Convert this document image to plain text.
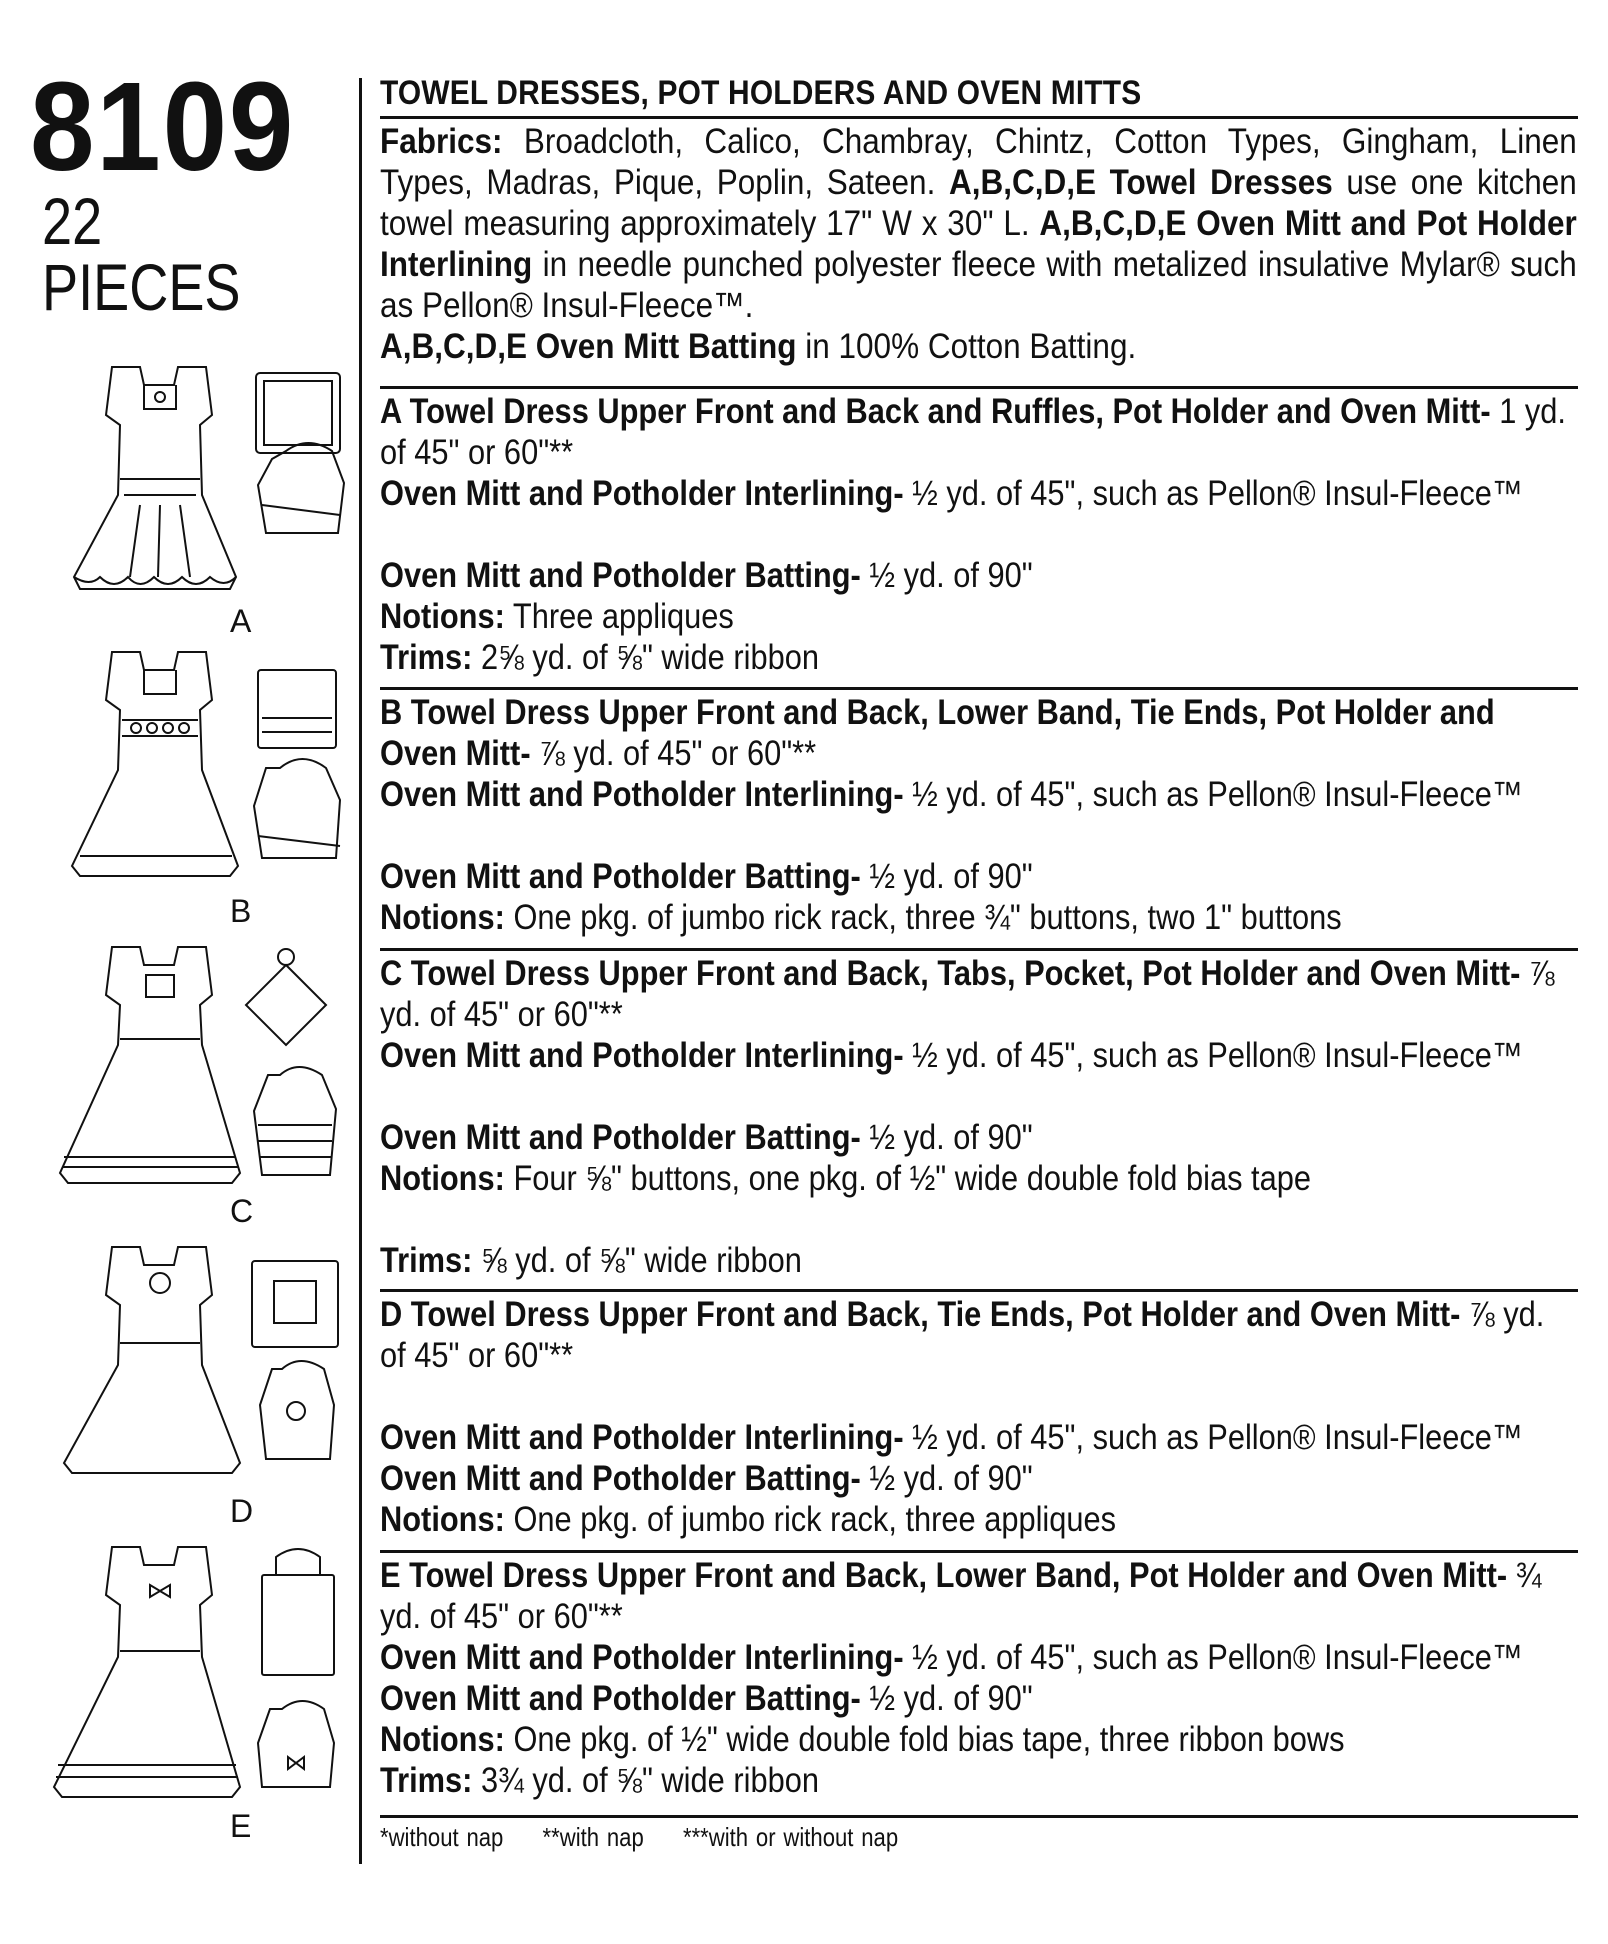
8109
22 PIECES
A
B
C
D
E
TOWEL DRESSES, POT HOLDERS AND OVEN MITTS
Fabrics: Broadcloth, Calico, Chambray, Chintz, Cotton Types, Gingham, Linen Types, Madras, Pique, Poplin, Sateen. A,B,C,D,E Towel Dresses use one kitchen towel measuring approximately 17" W x 30" L. A,B,C,D,E Oven Mitt and Pot Holder Interlining in needle punched polyester fleece with metalized insulative Mylar® such as Pellon® Insul-Fleece™.
A,B,C,D,E Oven Mitt Batting in 100% Cotton Batting.

A Towel Dress Upper Front and Back and Ruffles, Pot Holder and Oven Mitt- 1 yd. of 45" or 60"**

Oven Mitt and Potholder Interlining- ½ yd. of 45", such as Pellon® Insul-Fleece™

Oven Mitt and Potholder Batting- ½ yd. of 90"

Notions: Three appliques

Trims: 2⅝ yd. of ⅝" wide ribbon

B Towel Dress Upper Front and Back, Lower Band, Tie Ends, Pot Holder and Oven Mitt- ⅞ yd. of 45" or 60"**

Oven Mitt and Potholder Interlining- ½ yd. of 45", such as Pellon® Insul-Fleece™

Oven Mitt and Potholder Batting- ½ yd. of 90"

Notions: One pkg. of jumbo rick rack, three ¾" buttons, two 1" buttons

C Towel Dress Upper Front and Back, Tabs, Pocket, Pot Holder and Oven Mitt- ⅞ yd. of 45" or 60"**

Oven Mitt and Potholder Interlining- ½ yd. of 45", such as Pellon® Insul-Fleece™

Oven Mitt and Potholder Batting- ½ yd. of 90"

Notions: Four ⅝" buttons, one pkg. of ½" wide double fold bias tape

Trims: ⅝ yd. of ⅝" wide ribbon

D Towel Dress Upper Front and Back, Tie Ends, Pot Holder and Oven Mitt- ⅞ yd. of 45" or 60"**

Oven Mitt and Potholder Interlining- ½ yd. of 45", such as Pellon® Insul-Fleece™

Oven Mitt and Potholder Batting- ½ yd. of 90"

Notions: One pkg. of jumbo rick rack, three appliques

E Towel Dress Upper Front and Back, Lower Band, Pot Holder and Oven Mitt- ¾ yd. of 45" or 60"**

Oven Mitt and Potholder Interlining- ½ yd. of 45", such as Pellon® Insul-Fleece™

Oven Mitt and Potholder Batting- ½ yd. of 90"

Notions: One pkg. of ½" wide double fold bias tape, three ribbon bows

Trims: 3¾ yd. of ⅝" wide ribbon

*without nap **with nap ***with or without nap
